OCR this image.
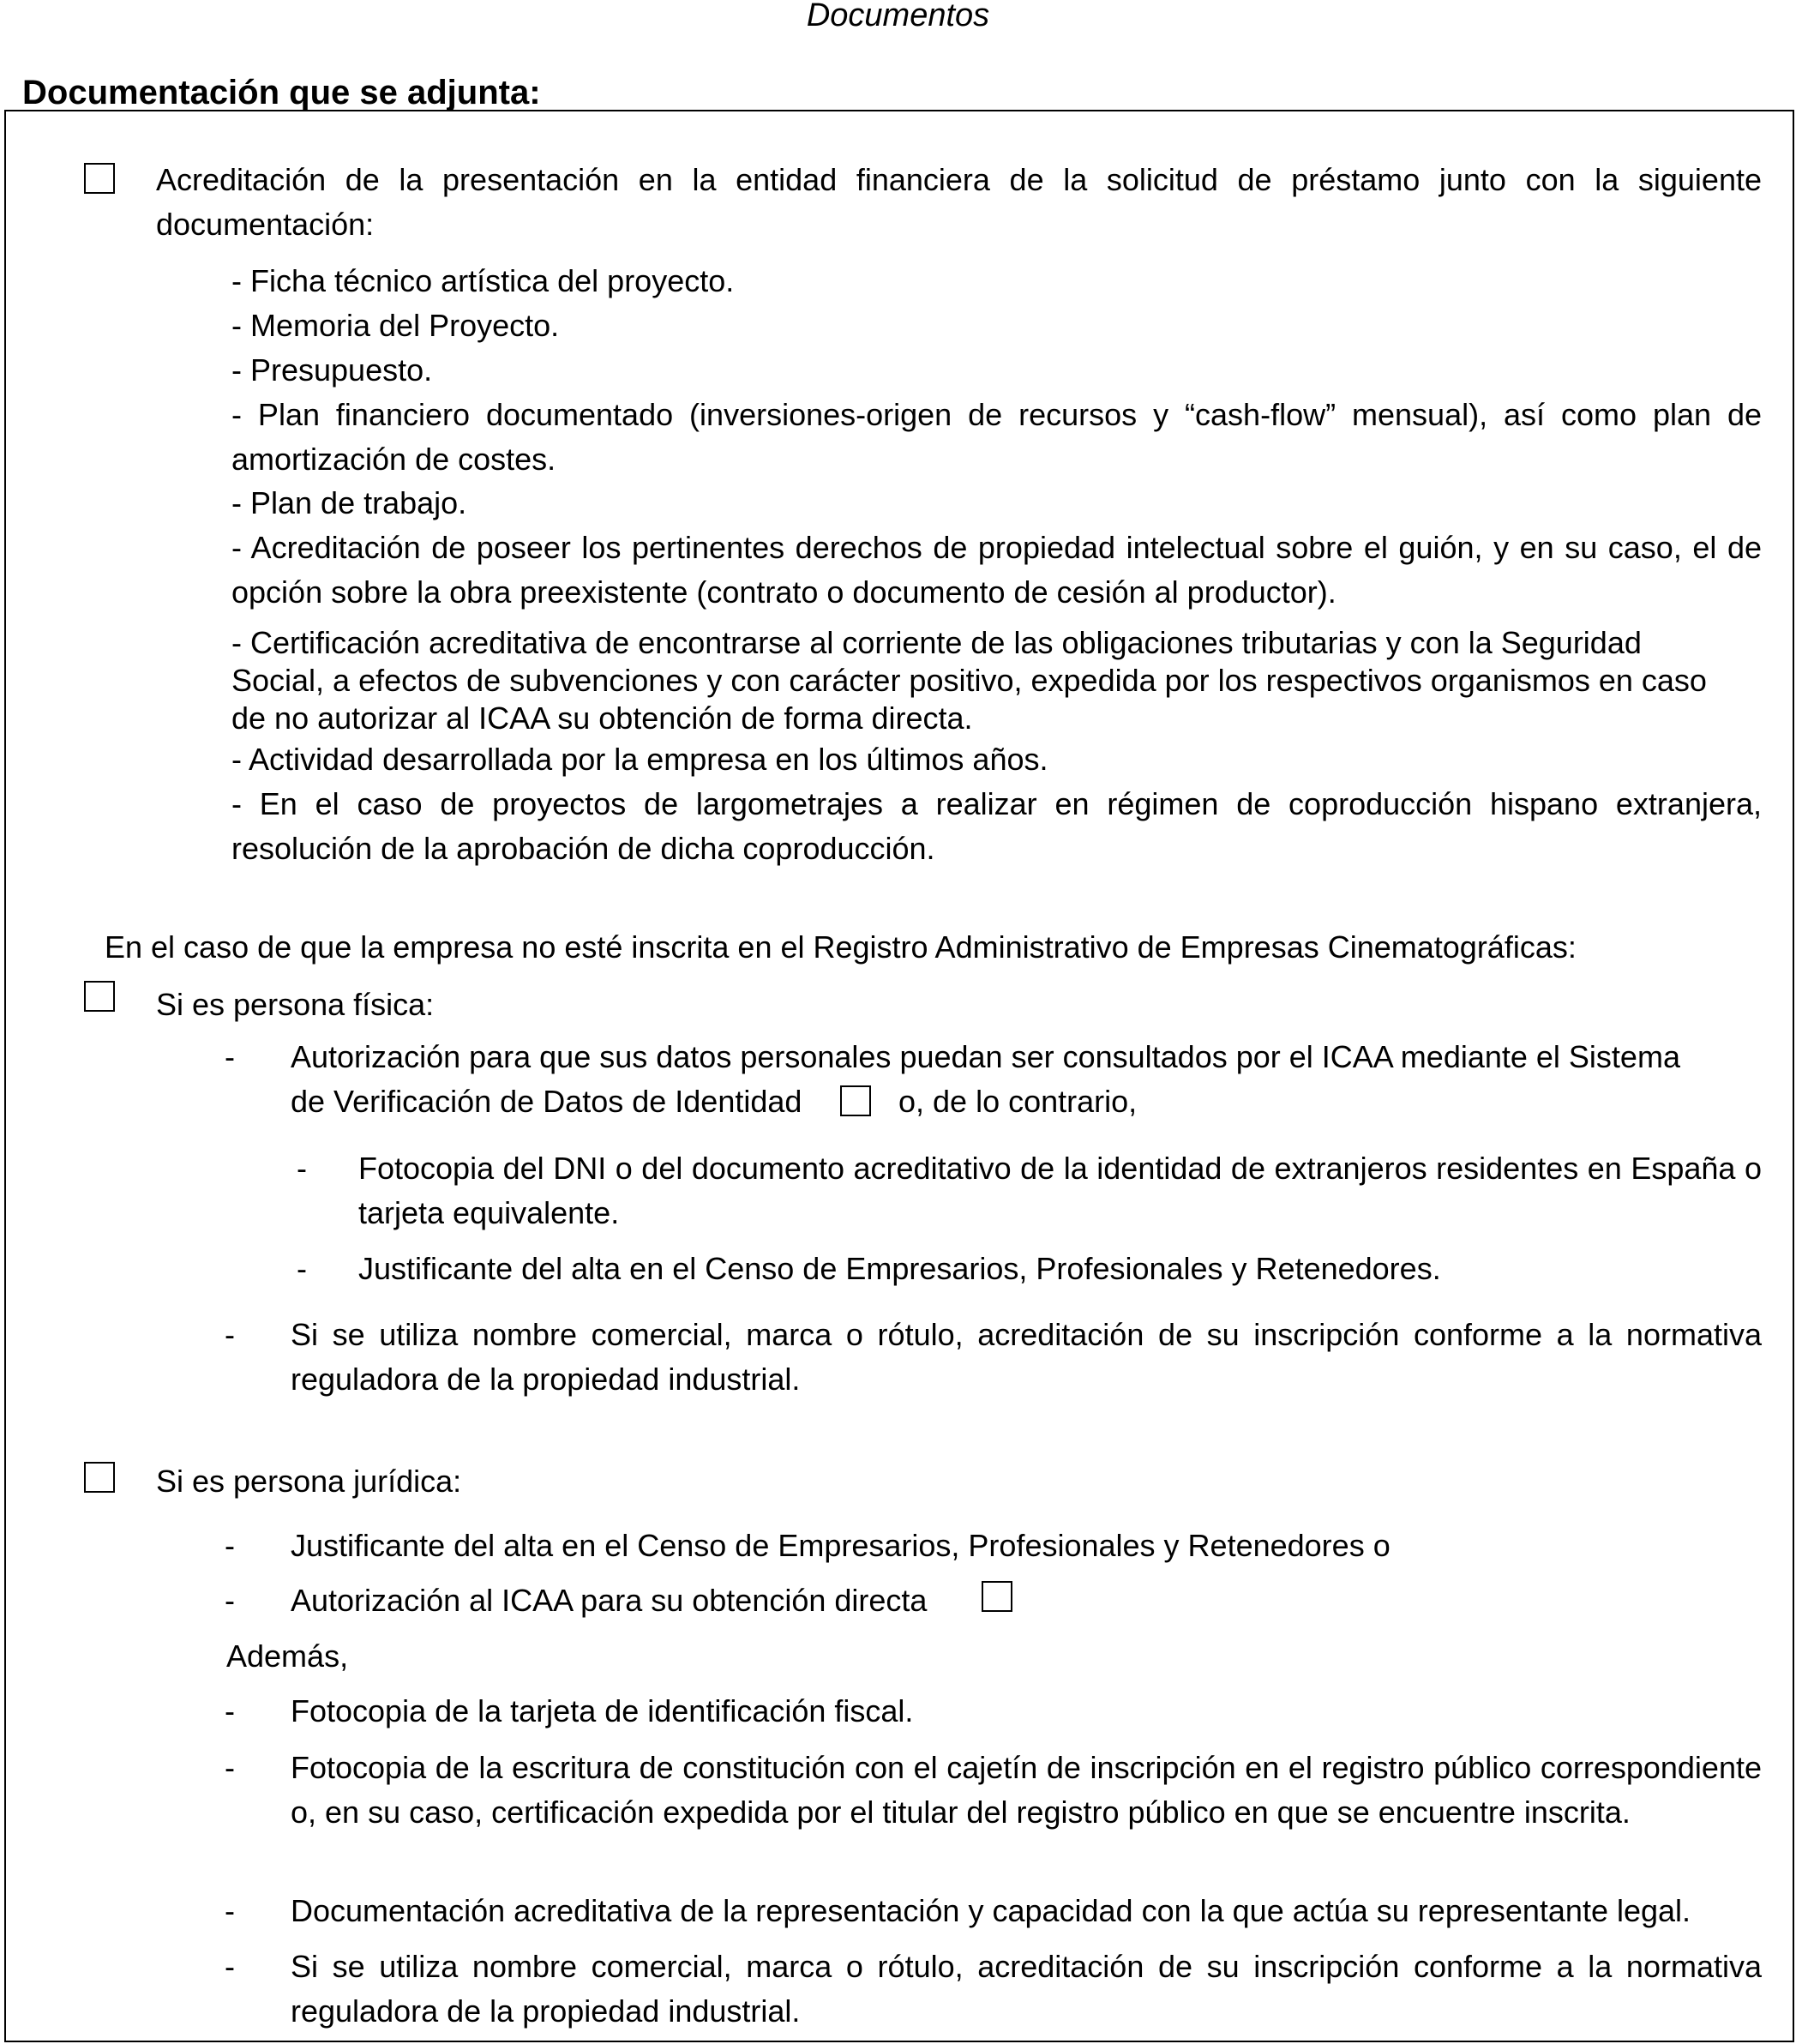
Documentos
Documentación que se adjunta:
Acreditación de la presentación en la entidad financiera de la solicitud de préstamo junto con la siguiente documentación:
- Ficha técnico artística del proyecto.
- Memoria del Proyecto.
- Presupuesto.
- Plan financiero documentado (inversiones-origen de recursos y “cash-flow” mensual), así como plan de amortización de costes.
- Plan de trabajo.
- Acreditación de poseer los pertinentes derechos de propiedad intelectual sobre el guión, y en su caso, el de opción sobre la obra preexistente (contrato o documento de cesión al productor).
- Certificación acreditativa de encontrarse al corriente de las obligaciones tributarias y con la Seguridad Social, a efectos de subvenciones y con carácter positivo, expedida por los respectivos organismos en caso de no autorizar al ICAA su obtención de forma directa.
- Actividad desarrollada por la empresa en los últimos años.
- En el caso de proyectos de largometrajes a realizar en régimen de coproducción hispano extranjera, resolución de la aprobación de dicha coproducción.
En el caso de que la empresa no esté inscrita en el Registro Administrativo de Empresas Cinematográficas:
Si es persona física:
- Autorización para que sus datos personales puedan ser consultados por el ICAA mediante el Sistema
de Verificación de Datos de Identidad	o, de lo contrario,
- Fotocopia del DNI o del documento acreditativo de la identidad de extranjeros residentes en España o tarjeta equivalente.
- Justificante del alta en el Censo de Empresarios, Profesionales y Retenedores.
- Si se utiliza nombre comercial, marca o rótulo, acreditación de su inscripción conforme a la normativa reguladora de la propiedad industrial.
Si es persona jurídica:
- Justificante del alta en el Censo de Empresarios, Profesionales y Retenedores o
- Autorización al ICAA para su obtención directa
Además,
- Fotocopia de la tarjeta de identificación fiscal.
- Fotocopia de la escritura de constitución con el cajetín de inscripción en el registro público correspondiente o, en su caso, certificación expedida por el titular del registro público en que se encuentre inscrita.
- Documentación acreditativa de la representación y capacidad con la que actúa su representante legal.
- Si se utiliza nombre comercial, marca o rótulo, acreditación de su inscripción conforme a la normativa reguladora de la propiedad industrial.
